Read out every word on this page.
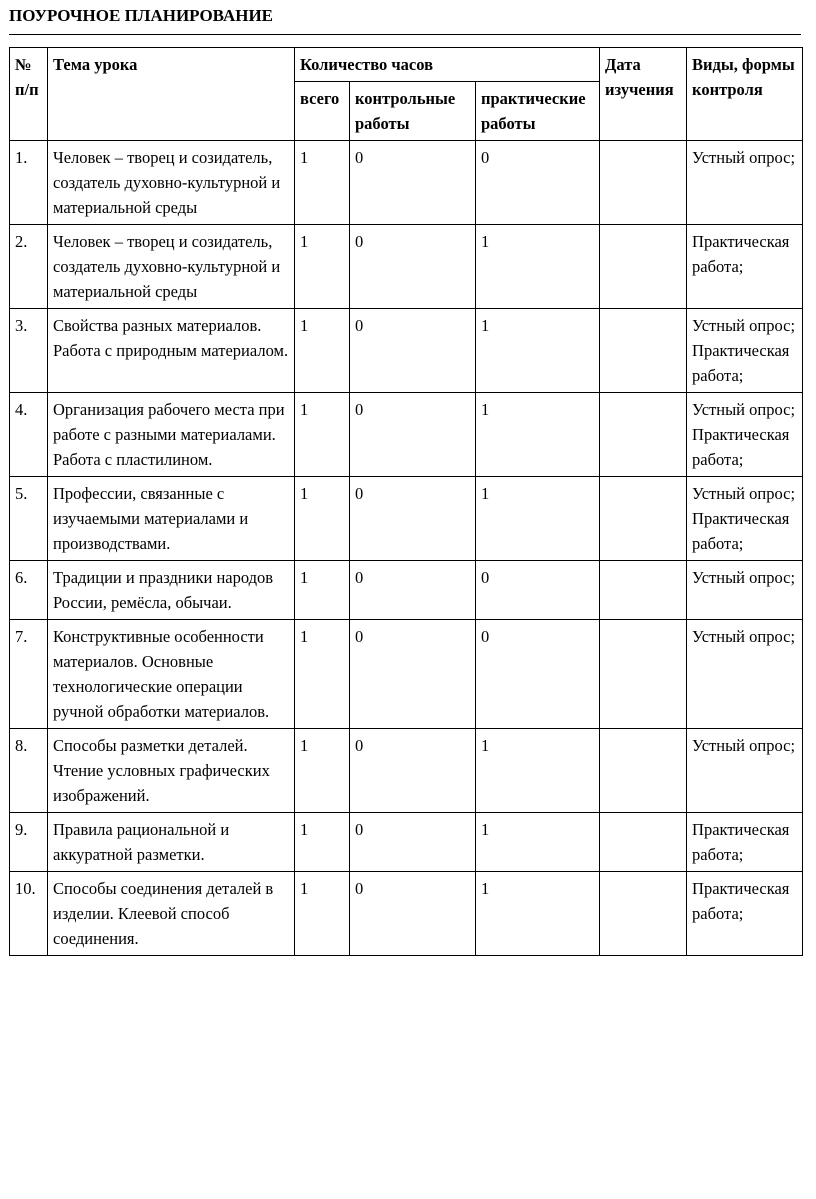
ПОУРОЧНОЕ ПЛАНИРОВАНИЕ
№ п/п	Тема урока	Количество часов			Дата изучения	Виды, формы контроля
		всего	контрольные работы	практические работы		
1.	Человек – творец и созидатель, создатель духовно-культурной и материальной среды	1	0	0		Устный опрос;
2.	Человек – творец и созидатель, создатель духовно-культурной и материальной среды	1	0	1		Практическая работа;
3.	Свойства разных материалов. Работа с природным материалом.	1	0	1		Устный опрос; Практическая работа;
4.	Организация рабочего места при работе с разными материалами. Работа с пластилином.	1	0	1		Устный опрос; Практическая работа;
5.	Профессии, связанные с изучаемыми материалами и производствами.	1	0	1		Устный опрос; Практическая работа;
6.	Традиции и праздники народов России, ремёсла, обычаи.	1	0	0		Устный опрос;
7.	Конструктивные особенности материалов. Основные технологические операции ручной обработки материалов.	1	0	0		Устный опрос;
8.	Способы разметки деталей. Чтение условных графических изображений.	1	0	1		Устный опрос;
9.	Правила рациональной и аккуратной разметки.	1	0	1		Практическая работа;
10.	Способы соединения деталей в изделии. Клеевой способ соединения.	1	0	1		Практическая работа;
